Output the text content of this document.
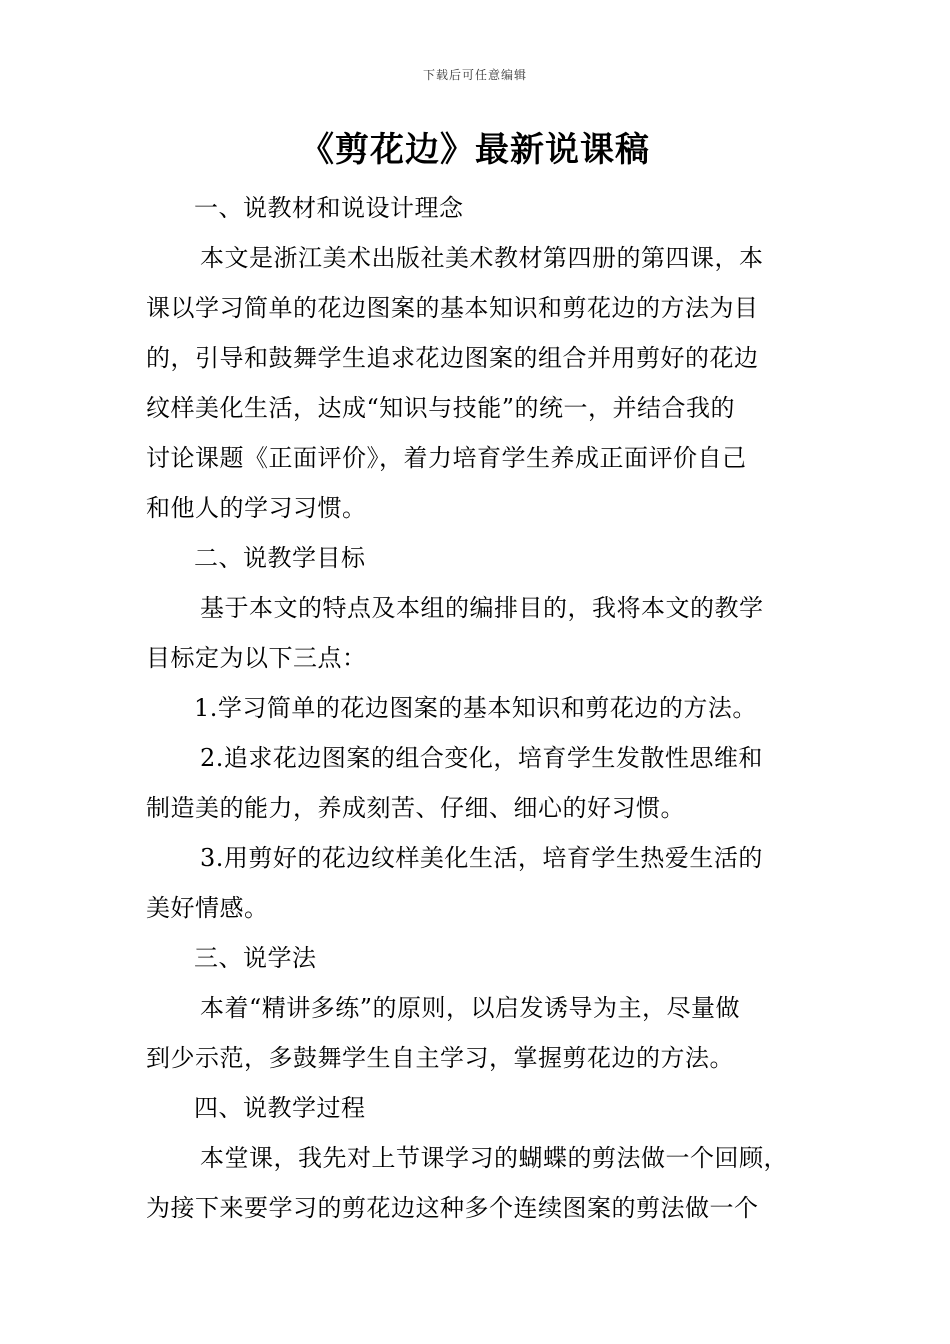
下载后可任意编辑
《剪花边》最新说课稿
一、说教材和说设计理念
本文是浙江美术出版社美术教材第四册的第四课，本
课以学习简单的花边图案的基本知识和剪花边的方法为目
的，引导和鼓舞学生追求花边图案的组合并用剪好的花边
纹样美化生活，达成“知识与技能”的统一，并结合我的
讨论课题《正面评价》，着力培育学生养成正面评价自己
和他人的学习习惯。
二、说教学目标
基于本文的特点及本组的编排目的，我将本文的教学
目标定为以下三点：
1.学习简单的花边图案的基本知识和剪花边的方法。
2.追求花边图案的组合变化，培育学生发散性思维和
制造美的能力，养成刻苦、仔细、细心的好习惯。
3.用剪好的花边纹样美化生活，培育学生热爱生活的
美好情感。
三、说学法
本着“精讲多练”的原则，以启发诱导为主，尽量做
到少示范，多鼓舞学生自主学习，掌握剪花边的方法。
四、说教学过程
本堂课，我先对上节课学习的蝴蝶的剪法做一个回顾，
为接下来要学习的剪花边这种多个连续图案的剪法做一个
